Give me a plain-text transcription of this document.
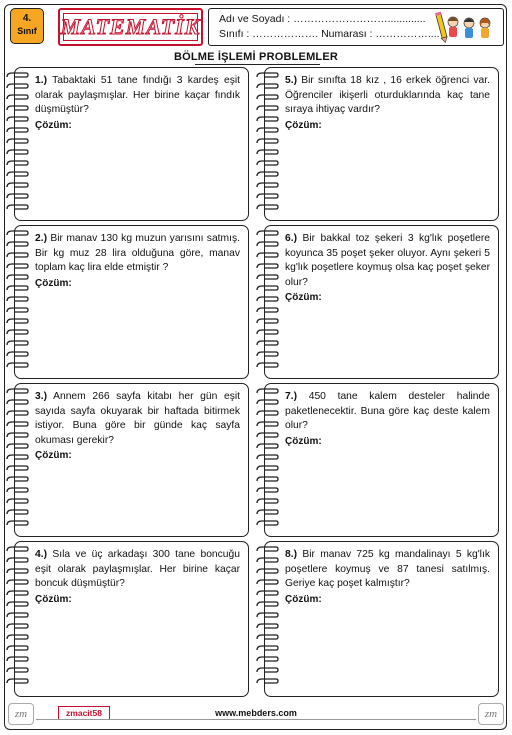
4.
Sınıf MATEMATİK Adı ve Soyadı : ……………………….............
Sınıfı : ………………. Numarası : ……………....
BÖLME İŞLEMİ PROBLEMLER
1.) Tabaktaki 51 tane fındığı 3 kardeş eşit olarak paylaşmışlar. Her birine kaçar fındık düşmüştür?
Çözüm:
5.) Bir sınıfta 18 kız , 16 erkek öğrenci var. Öğrenciler ikişerli oturduklarında kaç tane sıraya ihtiyaç vardır?
Çözüm:
2.) Bir manav 130 kg muzun yarısını satmış. Bir kg muz 28 lira olduğuna göre, manav toplam kaç lira elde etmiştir ?
Çözüm:
6.) Bir bakkal toz şekeri 3 kg'lık poşetlere koyunca 35 poşet şeker oluyor. Aynı şekeri 5 kg'lık poşetlere koymuş olsa kaç poşet şeker olur?
Çözüm:
3.) Annem 266 sayfa kitabı her gün eşit sayıda sayfa okuyarak bir haftada bitirmek istiyor. Buna göre bir günde kaç sayfa okuması gerekir?
Çözüm:
7.) 450 tane kalem desteler halinde paketlenecektir. Buna göre kaç deste kalem olur?
Çözüm:
4.) Sıla ve üç arkadaşı 300 tane boncuğu eşit olarak paylaşmışlar. Her birine kaçar boncuk düşmüştür?
Çözüm:
8.) Bir manav 725 kg mandalinayı 5 kg'lık poşetlere koymuş ve 87 tanesi satılmış. Geriye kaç poşet kalmıştır?
Çözüm:
zm	zm
zmacit58	www.mebders.com
